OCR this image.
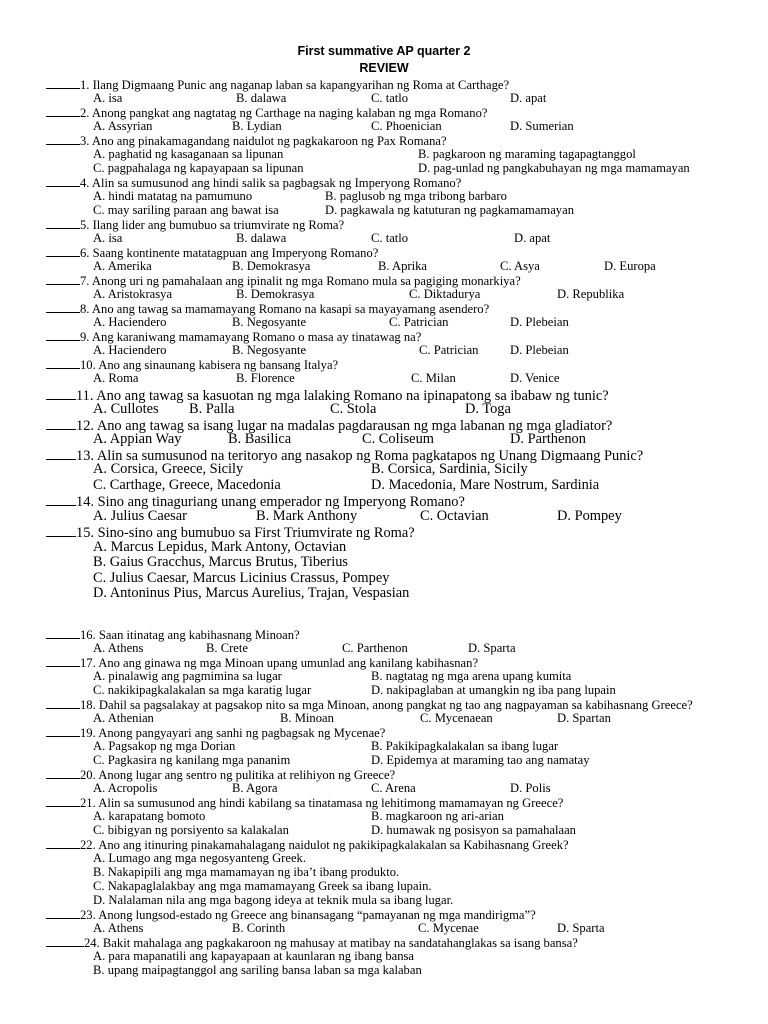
First summative AP quarter 2
REVIEW
1. Ilang Digmaang Punic ang naganap laban sa kapangyarihan ng Roma at Carthage?
A. isa	B. dalawa	C. tatlo	D. apat
2. Anong pangkat ang nagtatag ng Carthage na naging kalaban ng mga Romano?
A. Assyrian	B. Lydian	C. Phoenician	D. Sumerian
3. Ano ang pinakamagandang naidulot ng pagkakaroon ng Pax Romana?
A. paghatid ng kasaganaan sa lipunan	B. pagkaroon ng maraming tagapagtanggol
C. pagpahalaga ng kapayapaan sa lipunan	D. pag-unlad ng pangkabuhayan ng mga mamamayan
4. Alin sa sumusunod ang hindi salik sa pagbagsak ng Imperyong Romano?
A. hindi matatag na pamumuno	B. paglusob ng mga tribong barbaro
C. may sariling paraan ang bawat isa	D. pagkawala ng katuturan ng pagkamamamayan
5. Ilang lider ang bumubuo sa triumvirate ng Roma?
A. isa	B. dalawa	C. tatlo	D. apat
6. Saang kontinente matatagpuan ang Imperyong Romano?
A. Amerika	B. Demokrasya	B. Aprika	C. Asya	D. Europa
7. Anong uri ng pamahalaan ang ipinalit ng mga Romano mula sa pagiging monarkiya?
A. Aristokrasya	B. Demokrasya	C. Diktadurya	D. Republika
8. Ano ang tawag sa mamamayang Romano na kasapi sa mayayamang asendero?
A. Haciendero	B. Negosyante	C. Patrician	D. Plebeian
9. Ang karaniwang mamamayang Romano o masa ay tinatawag na?
A. Haciendero	B. Negosyante	C. Patrician	D. Plebeian
10. Ano ang sinaunang kabisera ng bansang Italya?
A. Roma	B. Florence	C. Milan	D. Venice
11. Ano ang tawag sa kasuotan ng mga lalaking Romano na ipinapatong sa ibabaw ng tunic?
A. Cullotes B. Palla	C. Stola	D. Toga
12. Ano ang tawag sa isang lugar na madalas pagdarausan ng mga labanan ng mga gladiator?
A. Appian Way	B. Basilica	C. Coliseum	D. Parthenon
13. Alin sa sumusunod na teritoryo ang nasakop ng Roma pagkatapos ng Unang Digmaang Punic?
A. Corsica, Greece, Sicily	B. Corsica, Sardinia, Sicily
C. Carthage, Greece, Macedonia	D. Macedonia, Mare Nostrum, Sardinia
14. Sino ang tinaguriang unang emperador ng Imperyong Romano?
A. Julius Caesar	B. Mark Anthony	C. Octavian	D. Pompey
15. Sino-sino ang bumubuo sa First Triumvirate ng Roma?
A. Marcus Lepidus, Mark Antony, Octavian
B. Gaius Gracchus, Marcus Brutus, Tiberius
C. Julius Caesar, Marcus Licinius Crassus, Pompey
D. Antoninus Pius, Marcus Aurelius, Trajan, Vespasian
16. Saan itinatag ang kabihasnang Minoan?
A. Athens	B. Crete	C. Parthenon	D. Sparta
17. Ano ang ginawa ng mga Minoan upang umunlad ang kanilang kabihasnan?
A. pinalawig ang pagmimina sa lugar	B. nagtatag ng mga arena upang kumita
C. nakikipagkalakalan sa mga karatig lugar	D. nakipaglaban at umangkin ng iba pang lupain
18. Dahil sa pagsalakay at pagsakop nito sa mga Minoan, anong pangkat ng tao ang nagpayaman sa kabihasnang Greece?
A. Athenian	B. Minoan	C. Mycenaean	D. Spartan
19. Anong pangyayari ang sanhi ng pagbagsak ng Mycenae?
A. Pagsakop ng mga Dorian	B. Pakikipagkalakalan sa ibang lugar
C. Pagkasira ng kanilang mga pananim	D. Epidemya at maraming tao ang namatay
20. Anong lugar ang sentro ng pulitika at relihiyon ng Greece?
A. Acropolis	B. Agora	C. Arena	D. Polis
21. Alin sa sumusunod ang hindi kabilang sa tinatamasa ng lehitimong mamamayan ng Greece?
A. karapatang bomoto	B. magkaroon ng ari-arian
C. bibigyan ng porsiyento sa kalakalan	D. humawak ng posisyon sa pamahalaan
22. Ano ang itinuring pinakamahalagang naidulot ng pakikipagkalakalan sa Kabihasnang Greek?
A. Lumago ang mga negosyanteng Greek.
B. Nakapipili ang mga mamamayan ng iba’t ibang produkto.
C. Nakapaglalakbay ang mga mamamayang Greek sa ibang lupain.
D. Nalalaman nila ang mga bagong ideya at teknik mula sa ibang lugar.
23. Anong lungsod-estado ng Greece ang binansagang “pamayanan ng mga mandirigma”?
A. Athens	B. Corinth	C. Mycenae	D. Sparta
24. Bakit mahalaga ang pagkakaroon ng mahusay at matibay na sandatahanglakas sa isang bansa?
A. para mapanatili ang kapayapaan at kaunlaran ng ibang bansa
B. upang maipagtanggol ang sariling bansa laban sa mga kalaban
